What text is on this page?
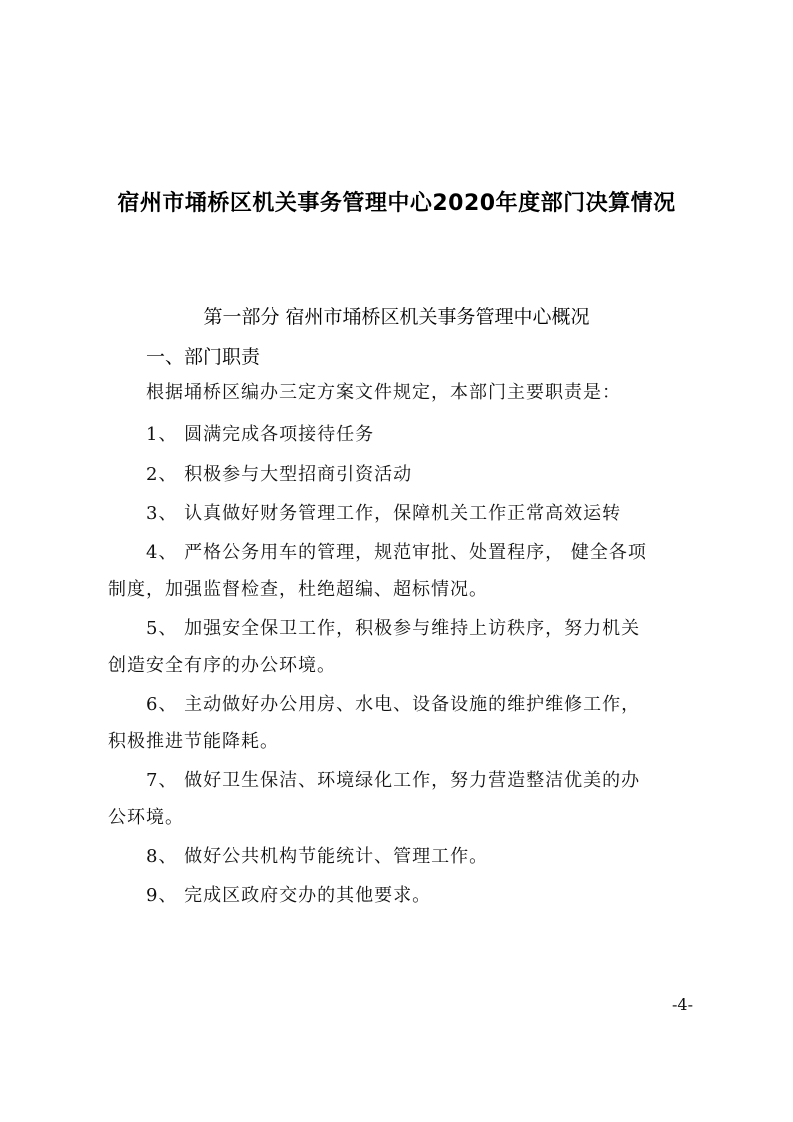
宿州市埇桥区机关事务管理中心2020年度部门决算情况
第一部分 宿州市埇桥区机关事务管理中心概况
一、部门职责
根据埇桥区编办三定方案文件规定，本部门主要职责是：
1、 圆满完成各项接待任务
2、 积极参与大型招商引资活动
3、 认真做好财务管理工作，保障机关工作正常高效运转
4、 严格公务用车的管理，规范审批、处置程序， 健全各项
制度，加强监督检查，杜绝超编、超标情况。
5、 加强安全保卫工作，积极参与维持上访秩序，努力机关
创造安全有序的办公环境。
6、 主动做好办公用房、水电、设备设施的维护维修工作，
积极推进节能降耗。
7、 做好卫生保洁、环境绿化工作，努力营造整洁优美的办
公环境。
8、 做好公共机构节能统计、管理工作。
9、 完成区政府交办的其他要求。
-4-
